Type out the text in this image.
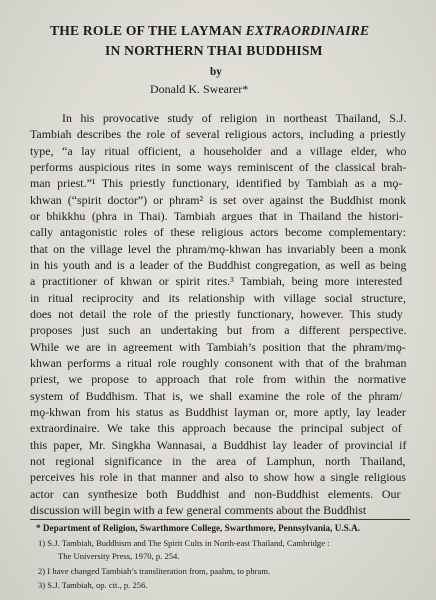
THE ROLE OF THE LAYMAN EXTRAORDINAIRE
IN NORTHERN THAI BUDDHISM
by
Donald K. Swearer*
In his provocative study of religion in northeast Thailand, S.J.
Tambiah describes the role of several religious actors, including a priestly
type, “a lay ritual officient, a householder and a village elder, who
performs auspicious rites in some ways reminiscent of the classical brah-
man priest.”¹ This priestly functionary, identified by Tambiah as a mǫ-
khwan (“spirit doctor”) or phram² is set over against the Buddhist monk
or bhikkhu (phra in Thai). Tambiah argues that in Thailand the histori-
cally antagonistic roles of these religious actors become complementary:
that on the village level the phram/mǫ-khwan has invariably been a monk
in his youth and is a leader of the Buddhist congregation, as well as being
a practitioner of khwan or spirit rites.³ Tambiah, being more interested
in ritual reciprocity and its relationship with village social structure,
does not detail the role of the priestly functionary, however. This study
proposes just such an undertaking but from a different perspective.
While we are in agreement with Tambiah’s position that the phram/mǫ-
khwan performs a ritual role roughly consonent with that of the brahman
priest, we propose to approach that role from within the normative
system of Buddhism. That is, we shall examine the role of the phram/
mǫ-khwan from his status as Buddhist layman or, more aptly, lay leader
extraordinaire. We take this approach because the principal subject of
this paper, Mr. Singkha Wannasai, a Buddhist lay leader of provincial if
not regional significance in the area of Lamphun, north Thailand,
perceives his role in that manner and also to show how a single religious
actor can synthesize both Buddhist and non-Buddhist elements. Our
discussion will begin with a few general comments about the Buddhist
* Department of Religion, Swarthmore College, Swarthmore, Pennsylvania, U.S.A.
1) S.J. Tambiah, Buddhism and The Spirit Cults in North-east Thailand, Cambridge :
The University Press, 1970, p. 254.
2) I have changed Tambiah’s transliteration from, paahm, to phram.
3) S.J. Tambiah, op. cit., p. 256.
